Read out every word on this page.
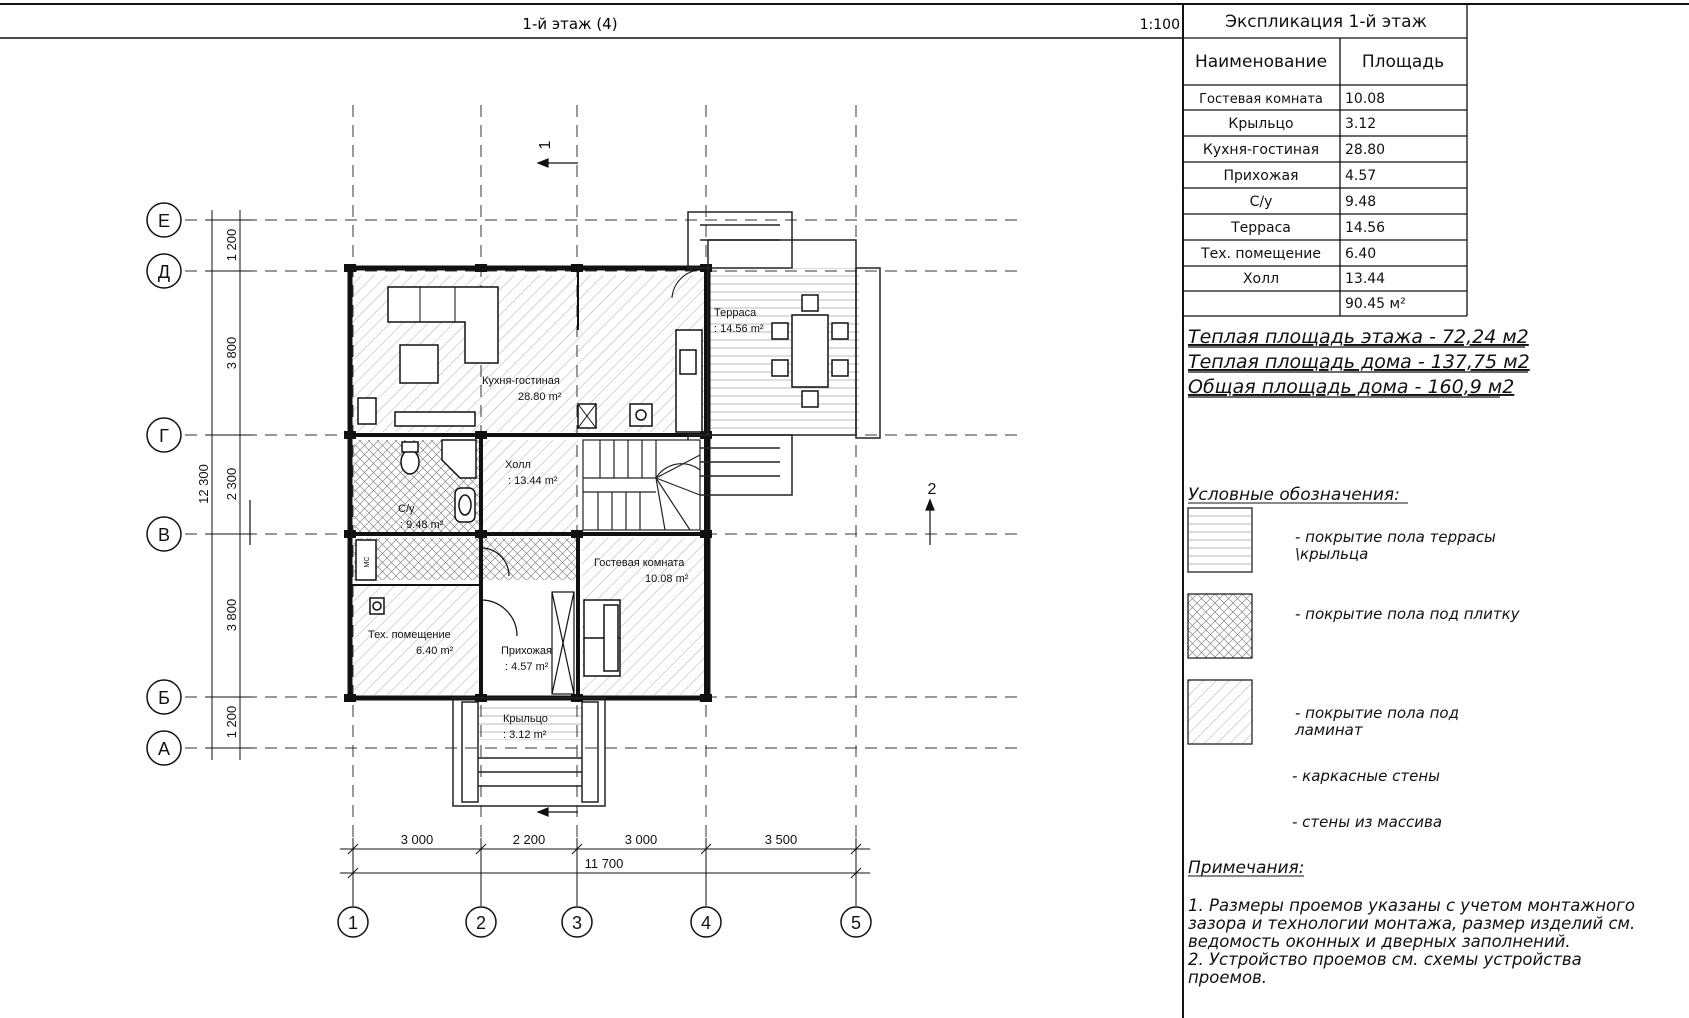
1-й этаж (4)	1:100
МС
Е
Д
Г
В
Б
А
1	2	3	4	5
3 000	2 200	3 000	3 500
11 700
1 200
3 800
2 300
3 800
1 200
12 300
1
2
Кухня-гостиная
28.80 m²
Терраса
: 14.56 m²
Холл
: 13.44 m²
С/у
: 9.48 m²
Гостевая комната
10.08 m²
Тех. помещение
6.40 m²	Прихожая
: 4.57 m²
Крыльцо
: 3.12 m²
Экспликация 1-й этаж
Наименование Площадь
Гостевая комната 10.08
Крыльцо	3.12
Кухня-гостиная 28.80
Прихожая	4.57
С/у	9.48
Терраса	14.56
Тех. помещение 6.40
Холл	13.44
90.45 м²
Теплая площадь этажа - 72,24 м2
Теплая площадь дома - 137,75 м2
Общая площадь дома - 160,9 м2
Условные обозначения:
- покрытие пола террасы
\крыльца
- покрытие пола под плитку
- покрытие пола под
ламинат
- каркасные стены
- стены из массива
Примечания:
1. Размеры проемов указаны с учетом монтажного
зазора и технологии монтажа, размер изделий см.
ведомость оконных и дверных заполнений.
2. Устройство проемов см. схемы устройства
проемов.
